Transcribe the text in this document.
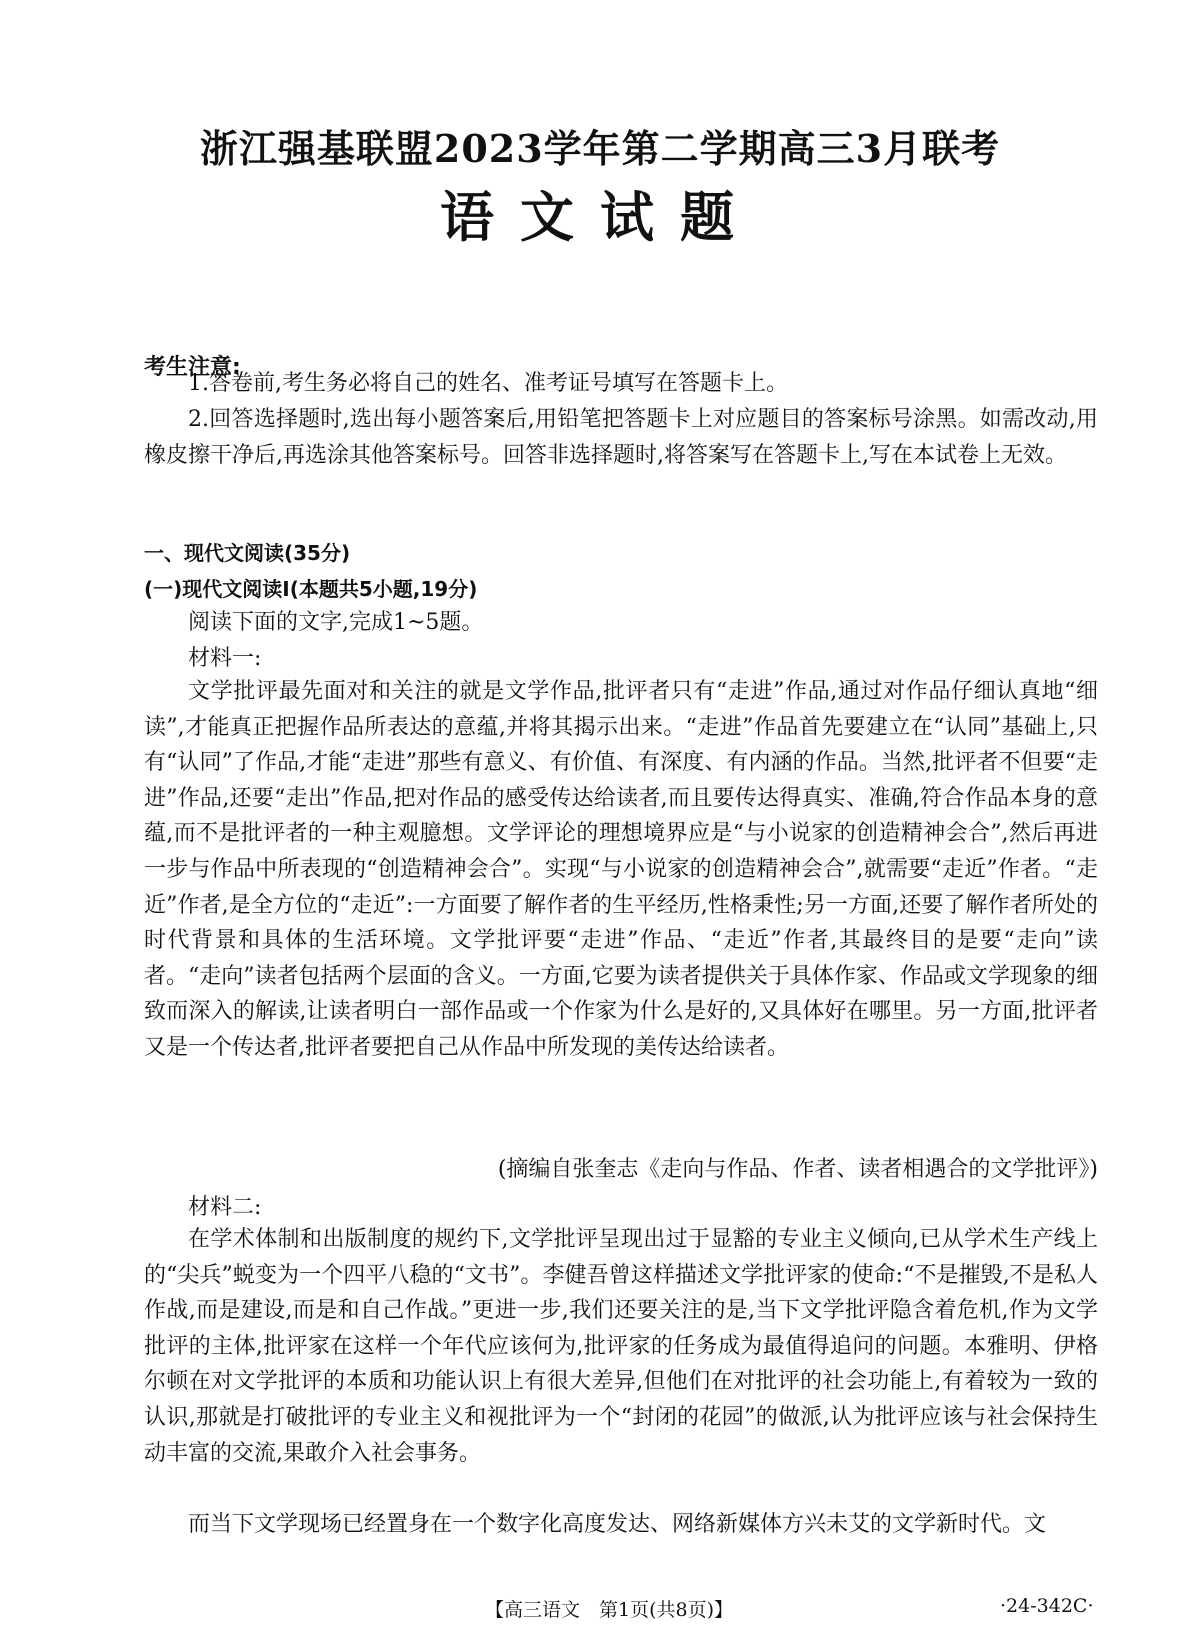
浙江强基联盟2023学年第二学期高三3月联考
语文试题
考生注意:
1.答卷前,考生务必将自己的姓名、准考证号填写在答题卡上。
2.回答选择题时,选出每小题答案后,用铅笔把答题卡上对应题目的答案标号涂黑。如需改动,用橡皮擦干净后,再选涂其他答案标号。回答非选择题时,将答案写在答题卡上,写在本试卷上无效。
一、现代文阅读(35分)
(一)现代文阅读Ⅰ(本题共5小题,19分)
阅读下面的文字,完成1~5题。
材料一:
文学批评最先面对和关注的就是文学作品,批评者只有“走进”作品,通过对作品仔细认真地“细读”,才能真正把握作品所表达的意蕴,并将其揭示出来。“走进”作品首先要建立在“认同”基础上,只有“认同”了作品,才能“走进”那些有意义、有价值、有深度、有内涵的作品。当然,批评者不但要“走进”作品,还要“走出”作品,把对作品的感受传达给读者,而且要传达得真实、准确,符合作品本身的意蕴,而不是批评者的一种主观臆想。文学评论的理想境界应是“与小说家的创造精神会合”,然后再进一步与作品中所表现的“创造精神会合”。实现“与小说家的创造精神会合”,就需要“走近”作者。“走近”作者,是全方位的“走近”:一方面要了解作者的生平经历,性格秉性;另一方面,还要了解作者所处的时代背景和具体的生活环境。文学批评要“走进”作品、“走近”作者,其最终目的是要“走向”读者。“走向”读者包括两个层面的含义。一方面,它要为读者提供关于具体作家、作品或文学现象的细致而深入的解读,让读者明白一部作品或一个作家为什么是好的,又具体好在哪里。另一方面,批评者又是一个传达者,批评者要把自己从作品中所发现的美传达给读者。
(摘编自张奎志《走向与作品、作者、读者相遇合的文学批评》)
材料二:
在学术体制和出版制度的规约下,文学批评呈现出过于显豁的专业主义倾向,已从学术生产线上的“尖兵”蜕变为一个四平八稳的“文书”。李健吾曾这样描述文学批评家的使命:“不是摧毁,不是私人作战,而是建设,而是和自己作战。”更进一步,我们还要关注的是,当下文学批评隐含着危机,作为文学批评的主体,批评家在这样一个年代应该何为,批评家的任务成为最值得追问的问题。本雅明、伊格尔顿在对文学批评的本质和功能认识上有很大差异,但他们在对批评的社会功能上,有着较为一致的认识,那就是打破批评的专业主义和视批评为一个“封闭的花园”的做派,认为批评应该与社会保持生动丰富的交流,果敢介入社会事务。
而当下文学现场已经置身在一个数字化高度发达、网络新媒体方兴未艾的文学新时代。文
【高三语文　第1页(共8页)】	·24-342C·
